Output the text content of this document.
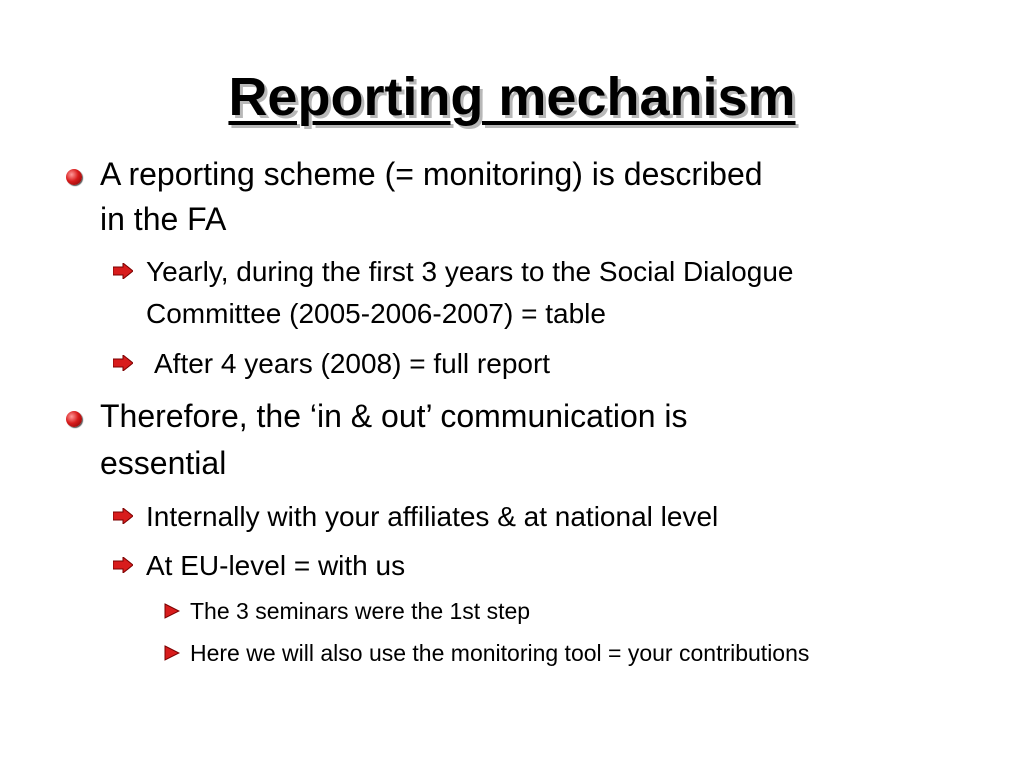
Reporting mechanism
A reporting scheme (= monitoring) is described
in the FA
Yearly, during the first 3 years to the Social Dialogue
Committee (2005-2006-2007) = table
After 4 years (2008) = full report
Therefore, the ‘in & out’ communication is
essential
Internally with your affiliates & at national level
At EU-level = with us
The 3 seminars were the 1st step
Here we will also use the monitoring tool = your contributions
